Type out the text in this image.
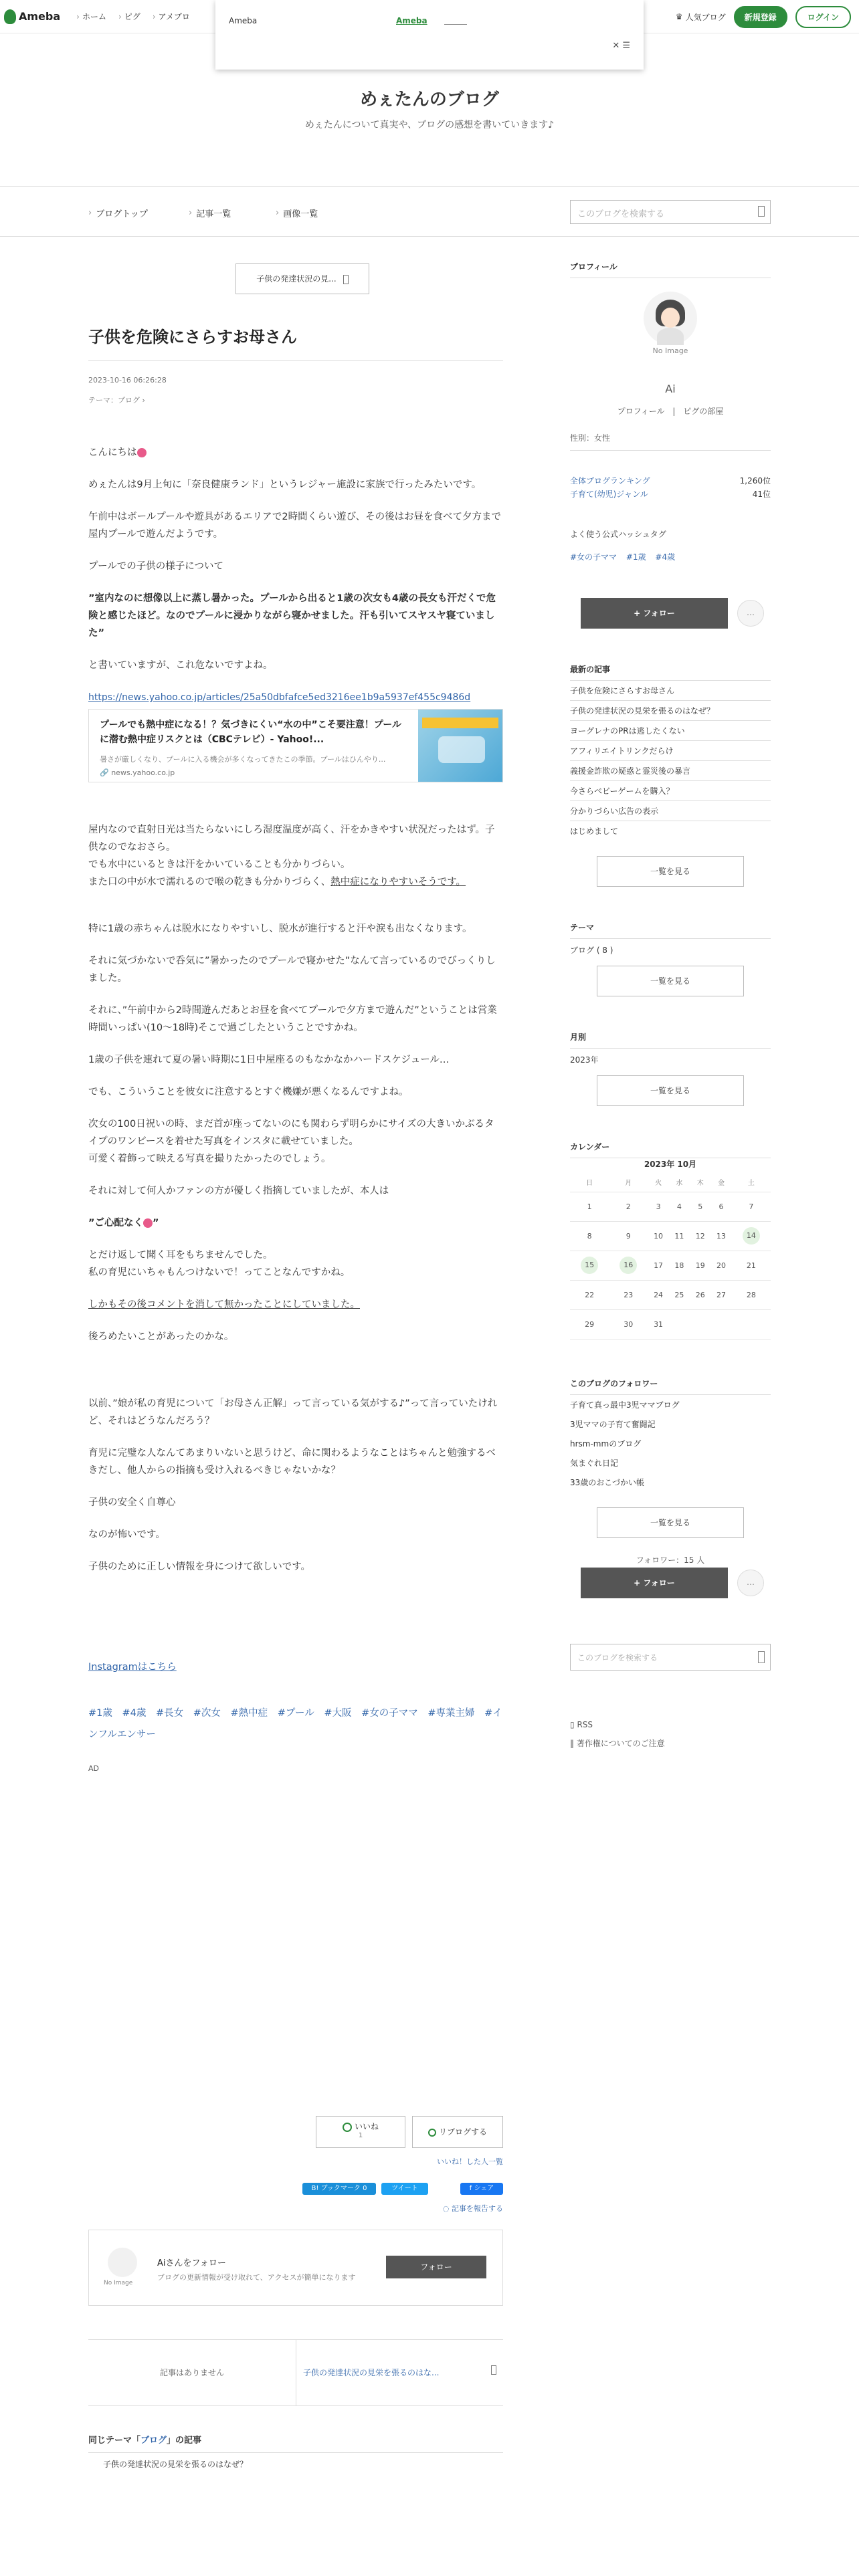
Ameba › ホーム › ピグ › アメブロ	♛ 人気ブログ	新規登録	ログイン
Ameba	Ameba
✕ ☰
めぇたんのブログ
めぇたんについて真実や、ブログの感想を書いていきます♪
› ブログトップ	› 記事一覧	› 画像一覧	このブログを検索する
子供の発達状況の見...
子供を危険にさらすお母さん
2023-10-16 06:26:28
テーマ：ブログ ›

こんにちは

めぇたんは9月上旬に「奈良健康ランド」というレジャー施設に家族で行ったみたいです。

午前中はボールプールや遊具があるエリアで2時間くらい遊び、その後はお昼を食べて夕方まで屋内プールで遊んだようです。

プールでの子供の様子について

”室内なのに想像以上に蒸し暑かった。プールから出ると1歳の次女も4歳の長女も汗だくで危険と感じたほど。なのでプールに浸かりながら寝かせました。汗も引いてスヤスヤ寝ていました”

と書いていますが、これ危ないですよね。

https://news.yahoo.co.jp/articles/25a50dbfafce5ed3216ee1b9a5937ef455c9486d
プールでも熱中症になる！？気づきにくい“水の中”こそ要注意！プールに潜む熱中症リスクとは（CBCテレビ）- Yahoo!...
暑さが厳しくなり、プールに入る機会が多くなってきたこの季節。プールはひんやり...
🔗 news.yahoo.co.jp

屋内なので直射日光は当たらないにしろ湿度温度が高く、汗をかきやすい状況だったはず。子供なのでなおさら。
でも水中にいるときは汗をかいていることも分かりづらい。
また口の中が水で濡れるので喉の乾きも分かりづらく、熱中症になりやすいそうです。

特に1歳の赤ちゃんは脱水になりやすいし、脱水が進行すると汗や涙も出なくなります。

それに気づかないで呑気に”暑かったのでプールで寝かせた”なんて言っているのでびっくりしました。

それに、”午前中から2時間遊んだあとお昼を食べてプールで夕方まで遊んだ”ということは営業時間いっぱい(10〜18時)そこで過ごしたということですかね。

1歳の子供を連れて夏の暑い時期に1日中屋座るのもなかなかハードスケジュール…

でも、こういうことを彼女に注意するとすぐ機嫌が悪くなるんですよね。

次女の100日祝いの時、まだ首が座ってないのにも関わらず明らかにサイズの大きいかぶるタイプのワンピースを着せた写真をインスタに載せていました。
可愛く着飾って映える写真を撮りたかったのでしょう。

それに対して何人かファンの方が優しく指摘していましたが、本人は

”ご心配なく ”

とだけ返して聞く耳をもちませんでした。
私の育児にいちゃもんつけないで！ってことなんですかね。

しかもその後コメントを消して無かったことにしていました。

後ろめたいことがあったのかな。

以前、”娘が私の育児について「お母さん正解」って言っている気がする♪”って言っていたけれど、それはどうなんだろう？

育児に完璧な人なんてあまりいないと思うけど、命に関わるようなことはちゃんと勉強するべきだし、他人からの指摘も受け入れるべきじゃないかな？

子供の安全く自尊心

なのが怖いです。

子供のために正しい情報を身につけて欲しいです。

Instagramはこちら

#1歳 #4歳 #長女 #次女 #熱中症 #プール #大阪 #女の子ママ #専業主婦 #インフルエンサー

AD

いいね
1	リブログする
いいね！した人一覧
B! ブックマーク 0	ツイート	f シェア
◌ 記事を報告する
No Image
Aiさんをフォロー
ブログの更新情報が受け取れて、アクセスが簡単になります
フォロー
記事はありません	子供の発達状況の見栄を張るのはな...
同じテーマ「ブログ」の記事
子供の発達状況の見栄を張るのはなぜ？
プロフィール
No Image
Ai
プロフィール | ピグの部屋
性別：女性
全体ブログランキング	1,260位
子育て(幼児)ジャンル	41位
よく使う公式ハッシュタグ
#女の子ママ #1歳 #4歳
+ フォロー	…
最新の記事
子供を危険にさらすお母さん
子供の発達状況の見栄を張るのはなぜ？
ヨーグレナのPRは逃したくない
アフィリエイトリンクだらけ
義援金詐欺の疑惑と霊災後の暴言
今さらベビーゲームを購入？
分かりづらい広告の表示
はじめまして
一覧を見る
テーマ
ブログ ( 8 )
一覧を見る
月別
2023年
一覧を見る
カレンダー
2023年 10月
日	月	火	水	木	金	土
1	2	3	4	5	6	7
8	9	10	11	12	13	14
15	16	17	18	19	20	21
22	23	24	25	26	27	28
29	30	31				
このブログのフォロワー
子育て真っ最中3児ママブログ
3児ママの子育て奮闘記
hrsm-mmのブログ
気まぐれ日記
33歳のおこづかい帳
一覧を見る
フォロワー：15 人
+ フォロー	…
このブログを検索する
▯ RSS
‖ 著作権についてのご注意
